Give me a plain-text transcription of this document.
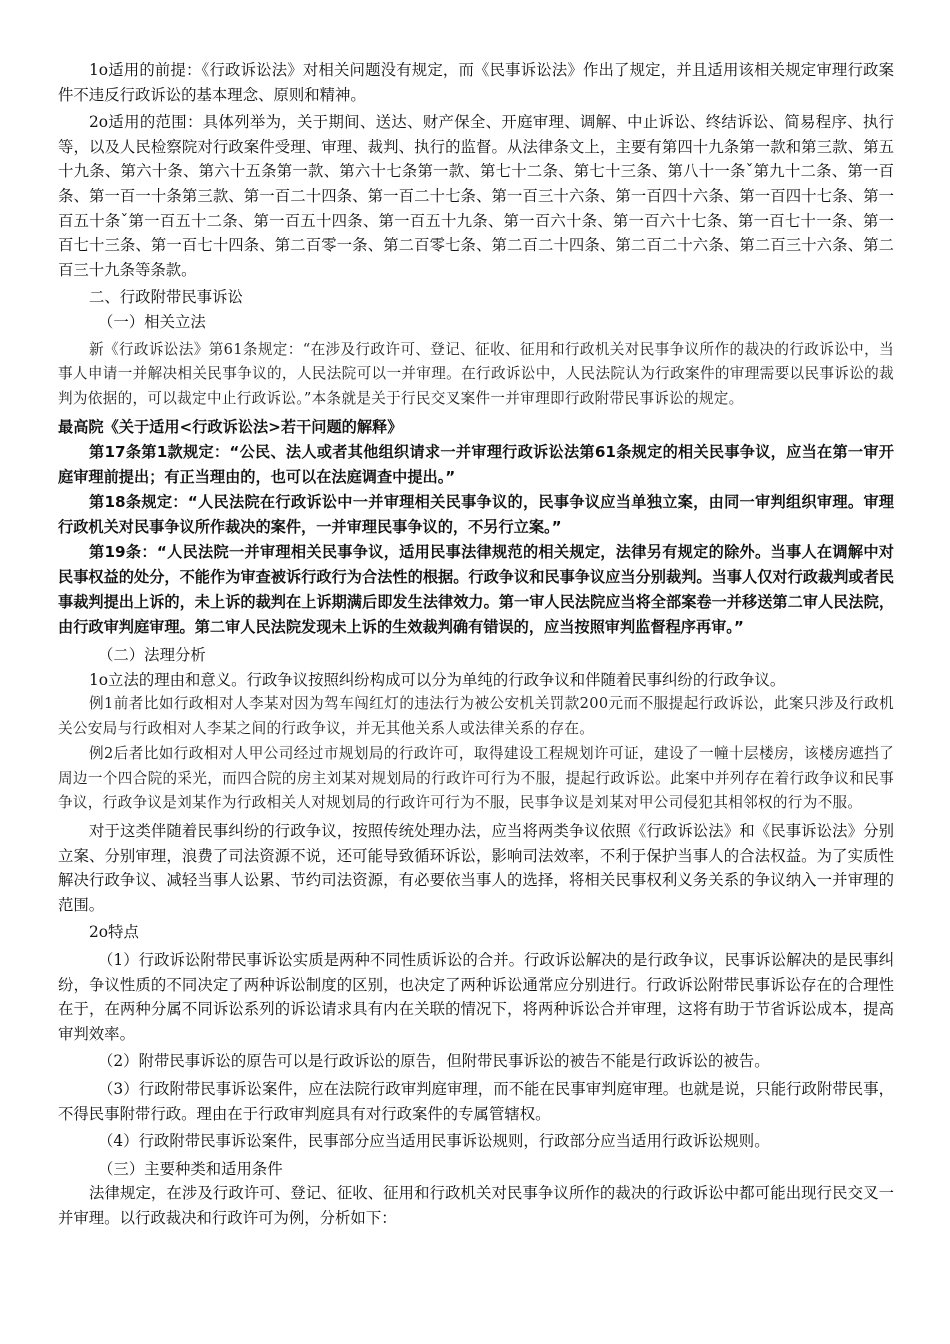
1o适用的前提：《行政诉讼法》对相关问题没有规定，而《民事诉讼法》作出了规定，并且适用该相关规定审理行政案件不违反行政诉讼的基本理念、原则和精神。

2o适用的范围：具体列举为，关于期间、送达、财产保全、开庭审理、调解、中止诉讼、终结诉讼、简易程序、执行等，以及人民检察院对行政案件受理、审理、裁判、执行的监督。从法律条文上，主要有第四十九条第一款和第三款、第五十九条、第六十条、第六十五条第一款、第六十七条第一款、第七十二条、第七十三条、第八十一条ˇ第九十二条、第一百条、第一百一十条第三款、第一百二十四条、第一百二十七条、第一百三十六条、第一百四十六条、第一百四十七条、第一百五十条ˇ第一百五十二条、第一百五十四条、第一百五十九条、第一百六十条、第一百六十七条、第一百七十一条、第一百七十三条、第一百七十四条、第二百零一条、第二百零七条、第二百二十四条、第二百二十六条、第二百三十六条、第二百三十九条等条款。

二、行政附带民事诉讼

（一）相关立法

新《行政诉讼法》第61条规定：“在涉及行政许可、登记、征收、征用和行政机关对民事争议所作的裁决的行政诉讼中，当事人申请一并解决相关民事争议的，人民法院可以一并审理。在行政诉讼中，人民法院认为行政案件的审理需要以民事诉讼的裁判为依据的，可以裁定中止行政诉讼。”本条就是关于行民交叉案件一并审理即行政附带民事诉讼的规定。

最高院《关于适用<行政诉讼法>若干问题的解释》

第17条第1款规定：“公民、法人或者其他组织请求一并审理行政诉讼法第61条规定的相关民事争议，应当在第一审开庭审理前提出；有正当理由的，也可以在法庭调查中提出。”

第18条规定：“人民法院在行政诉讼中一并审理相关民事争议的，民事争议应当单独立案，由同一审判组织审理。审理行政机关对民事争议所作裁决的案件，一并审理民事争议的，不另行立案。”

第19条：“人民法院一并审理相关民事争议，适用民事法律规范的相关规定，法律另有规定的除外。当事人在调解中对民事权益的处分，不能作为审查被诉行政行为合法性的根据。行政争议和民事争议应当分别裁判。当事人仅对行政裁判或者民事裁判提出上诉的，未上诉的裁判在上诉期满后即发生法律效力。第一审人民法院应当将全部案卷一并移送第二审人民法院，由行政审判庭审理。第二审人民法院发现未上诉的生效裁判确有错误的，应当按照审判监督程序再审。”

（二）法理分析

1o立法的理由和意义。行政争议按照纠纷构成可以分为单纯的行政争议和伴随着民事纠纷的行政争议。

例1前者比如行政相对人李某对因为驾车闯红灯的违法行为被公安机关罚款200元而不服提起行政诉讼，此案只涉及行政机关公安局与行政相对人李某之间的行政争议，并无其他关系人或法律关系的存在。

例2后者比如行政相对人甲公司经过市规划局的行政许可，取得建设工程规划许可证，建设了一幢十层楼房，该楼房遮挡了周边一个四合院的采光，而四合院的房主刘某对规划局的行政许可行为不服，提起行政诉讼。此案中并列存在着行政争议和民事争议，行政争议是刘某作为行政相关人对规划局的行政许可行为不服，民事争议是刘某对甲公司侵犯其相邻权的行为不服。

对于这类伴随着民事纠纷的行政争议，按照传统处理办法，应当将两类争议依照《行政诉讼法》和《民事诉讼法》分别立案、分别审理，浪费了司法资源不说，还可能导致循环诉讼，影响司法效率，不利于保护当事人的合法权益。为了实质性解决行政争议、减轻当事人讼累、节约司法资源，有必要依当事人的选择，将相关民事权利义务关系的争议纳入一并审理的范围。

2o特点

（1）行政诉讼附带民事诉讼实质是两种不同性质诉讼的合并。行政诉讼解决的是行政争议，民事诉讼解决的是民事纠纷，争议性质的不同决定了两种诉讼制度的区别，也决定了两种诉讼通常应分别进行。行政诉讼附带民事诉讼存在的合理性在于，在两种分属不同诉讼系列的诉讼请求具有内在关联的情况下，将两种诉讼合并审理，这将有助于节省诉讼成本，提高审判效率。

（2）附带民事诉讼的原告可以是行政诉讼的原告，但附带民事诉讼的被告不能是行政诉讼的被告。

（3）行政附带民事诉讼案件，应在法院行政审判庭审理，而不能在民事审判庭审理。也就是说，只能行政附带民事，不得民事附带行政。理由在于行政审判庭具有对行政案件的专属管辖权。

（4）行政附带民事诉讼案件，民事部分应当适用民事诉讼规则，行政部分应当适用行政诉讼规则。

（三）主要种类和适用条件

法律规定，在涉及行政许可、登记、征收、征用和行政机关对民事争议所作的裁决的行政诉讼中都可能出现行民交叉一并审理。以行政裁决和行政许可为例，分析如下：
